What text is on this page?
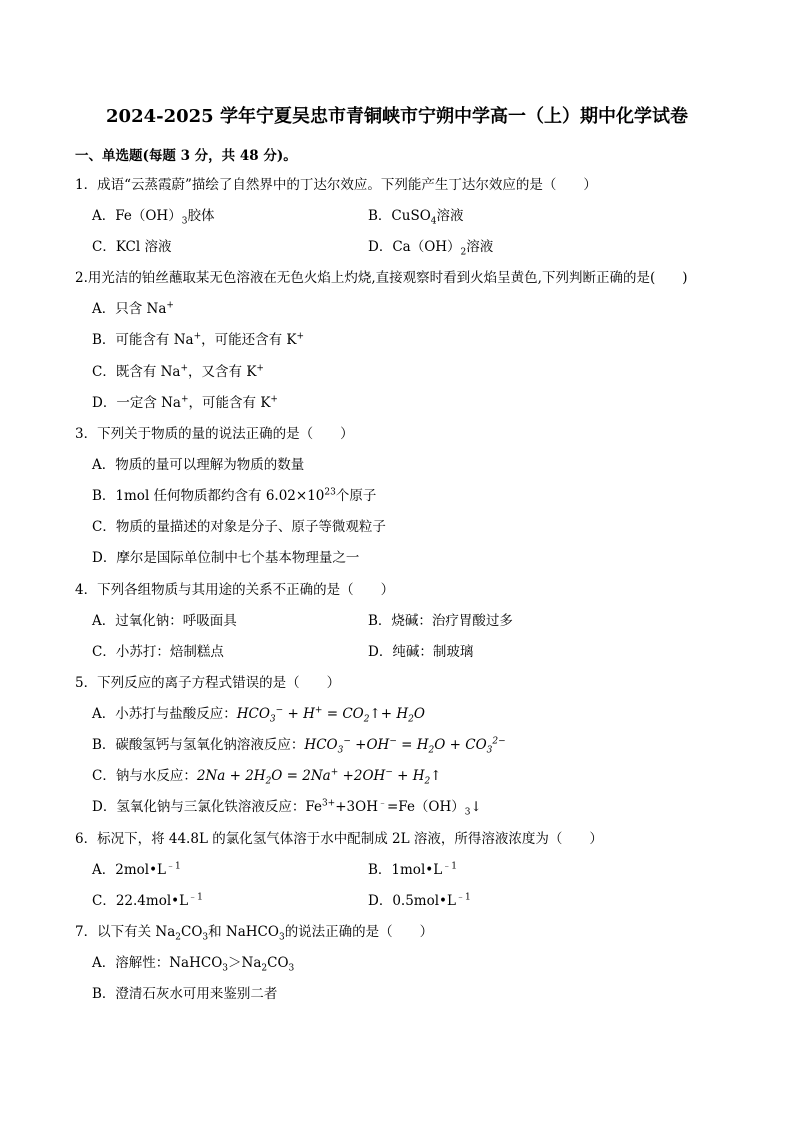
2024-2025 学年宁夏吴忠市青铜峡市宁朔中学高一（上）期中化学试卷
一、单选题(每题 3 分，共 48 分)。
1．成语“云蒸霞蔚”描绘了自然界中的丁达尔效应。下列能产生丁达尔效应的是（　　）
A．$Fe(OH)_3$胶体	B．CuSO$_4$溶液
C．KCl 溶液	D．$Ca(OH)_2$溶液
2.用光洁的铂丝蘸取某无色溶液在无色火焰上灼烧,直接观察时看到火焰呈黄色,下列判断正确的是(　　)
A．只含 Na+
B．可能含有 Na+，可能还含有 K+
C．既含有 Na+，又含有 K+
D．一定含 Na+，可能含有 K+
3．下列关于物质的量的说法正确的是（　　）
A．物质的量可以理解为物质的数量
B．1mol 任何物质都约含有 $6.02\times 10^{23}$个原子
C．物质的量描述的对象是分子、原子等微观粒子
D．摩尔是国际单位制中七个基本物理量之一
4．下列各组物质与其用途的关系不正确的是（　　）
A．过氧化钠：呼吸面具	B．烧碱：治疗胃酸过多
C．小苏打：焙制糕点	D．纯碱：制玻璃
5．下列反应的离子方程式错误的是（　　）
A．小苏打与盐酸反应：$HCO_3^- + H^+$ = $CO_2↑+ H_2O$
B．碳酸氢钙与氢氧化钠溶液反应：$HCO_3^- +OH^- = H_2O + CO_3^{2-}$
C．钠与水反应：$2Na + 2H_2O = 2Na^+ +2OH^-$ + $H_2↑$
D．氢氧化钠与三氯化铁溶液反应：$Fe^{3+}+3OH^﹣=Fe(OH)_3↓$
6．标况下，将 44.8L 的氯化氢气体溶于水中配制成 2L 溶液，所得溶液浓度为（　　）
A．$2mol•L^{﹣1}$	B．$1mol•L^{﹣1}$
C．$22.4mol•L^{﹣1}$	D．$0.5mol•L^{﹣1}$
7．以下有关 $Na_2CO_3$和 NaHCO$_3$的说法正确的是（　　）
A．溶解性：$NaHCO_3>Na_2CO_3$
B．澄清石灰水可用来鉴别二者
